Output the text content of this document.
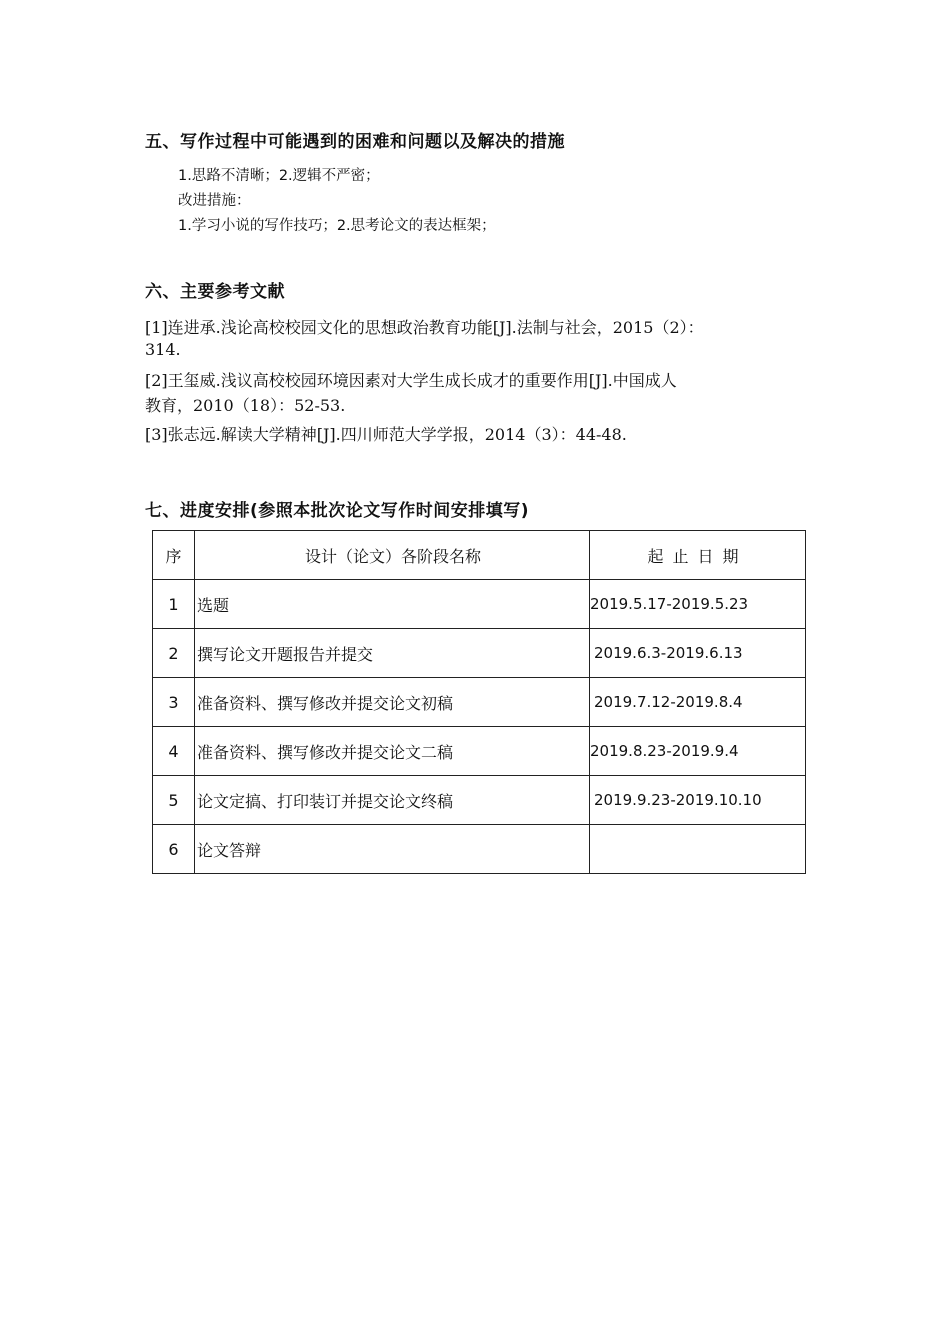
五、写作过程中可能遇到的困难和问题以及解决的措施
1.思路不清晰；2.逻辑不严密；
改进措施：
1.学习小说的写作技巧；2.思考论文的表达框架；
六、主要参考文献
[1]连进承.浅论高校校园文化的思想政治教育功能[J].法制与社会，2015（2）：
314.
[2]王玺威.浅议高校校园环境因素对大学生成长成才的重要作用[J].中国成人
教育，2010（18）：52-53.
[3]张志远.解读大学精神[J].四川师范大学学报，2014（3）：44-48.
七、进度安排(参照本批次论文写作时间安排填写)
序	设计（论文）各阶段名称	起止日期
1	选题	2019.5.17-2019.5.23
2	撰写论文开题报告并提交	2019.6.3-2019.6.13
3	准备资料、撰写修改并提交论文初稿	2019.7.12-2019.8.4
4	准备资料、撰写修改并提交论文二稿	2019.8.23-2019.9.4
5	论文定搞、打印装订并提交论文终稿	2019.9.23-2019.10.10
6	论文答辩	
